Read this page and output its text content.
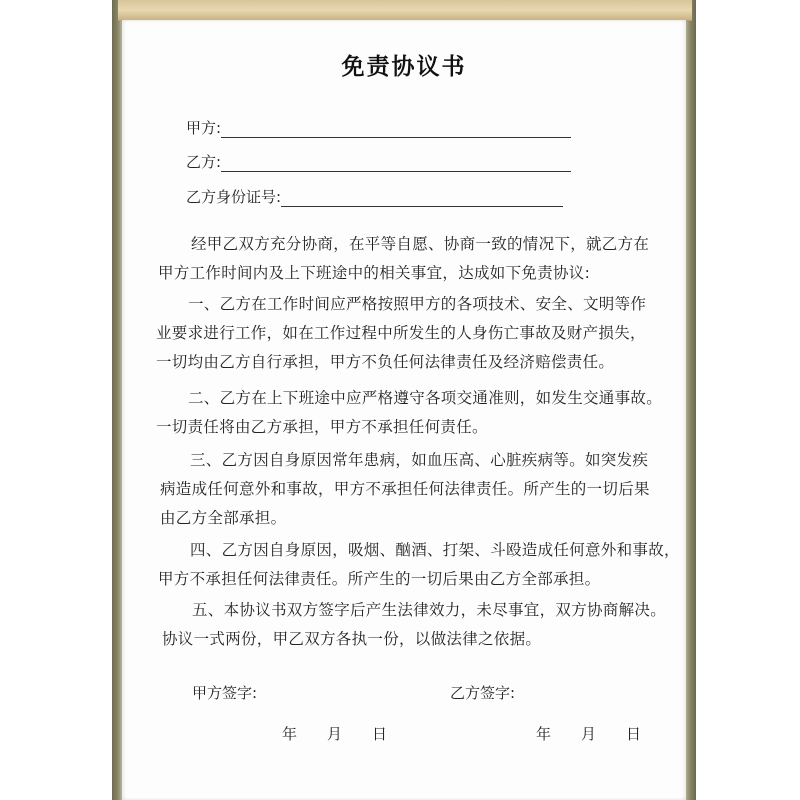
免责协议书
甲方:
乙方:
乙方身份证号:
经甲乙双方充分协商，在平等自愿、协商一致的情况下，就乙方在
甲方工作时间内及上下班途中的相关事宜，达成如下免责协议:
一、乙方在工作时间应严格按照甲方的各项技术、安全、文明等作
业要求进行工作，如在工作过程中所发生的人身伤亡事故及财产损失，
一切均由乙方自行承担，甲方不负任何法律责任及经济赔偿责任。
二、乙方在上下班途中应严格遵守各项交通准则，如发生交通事故。
一切责任将由乙方承担，甲方不承担任何责任。
三、乙方因自身原因常年患病，如血压高、心脏疾病等。如突发疾
病造成任何意外和事故，甲方不承担任何法律责任。所产生的一切后果
由乙方全部承担。
四、乙方因自身原因，吸烟、酗酒、打架、斗殴造成任何意外和事故，
甲方不承担任何法律责任。所产生的一切后果由乙方全部承担。
五、本协议书双方签字后产生法律效力，未尽事宜，双方协商解决。
协议一式两份，甲乙双方各执一份，以做法律之依据。
甲方签字:	乙方签字:
年	月	日	年	月	日
